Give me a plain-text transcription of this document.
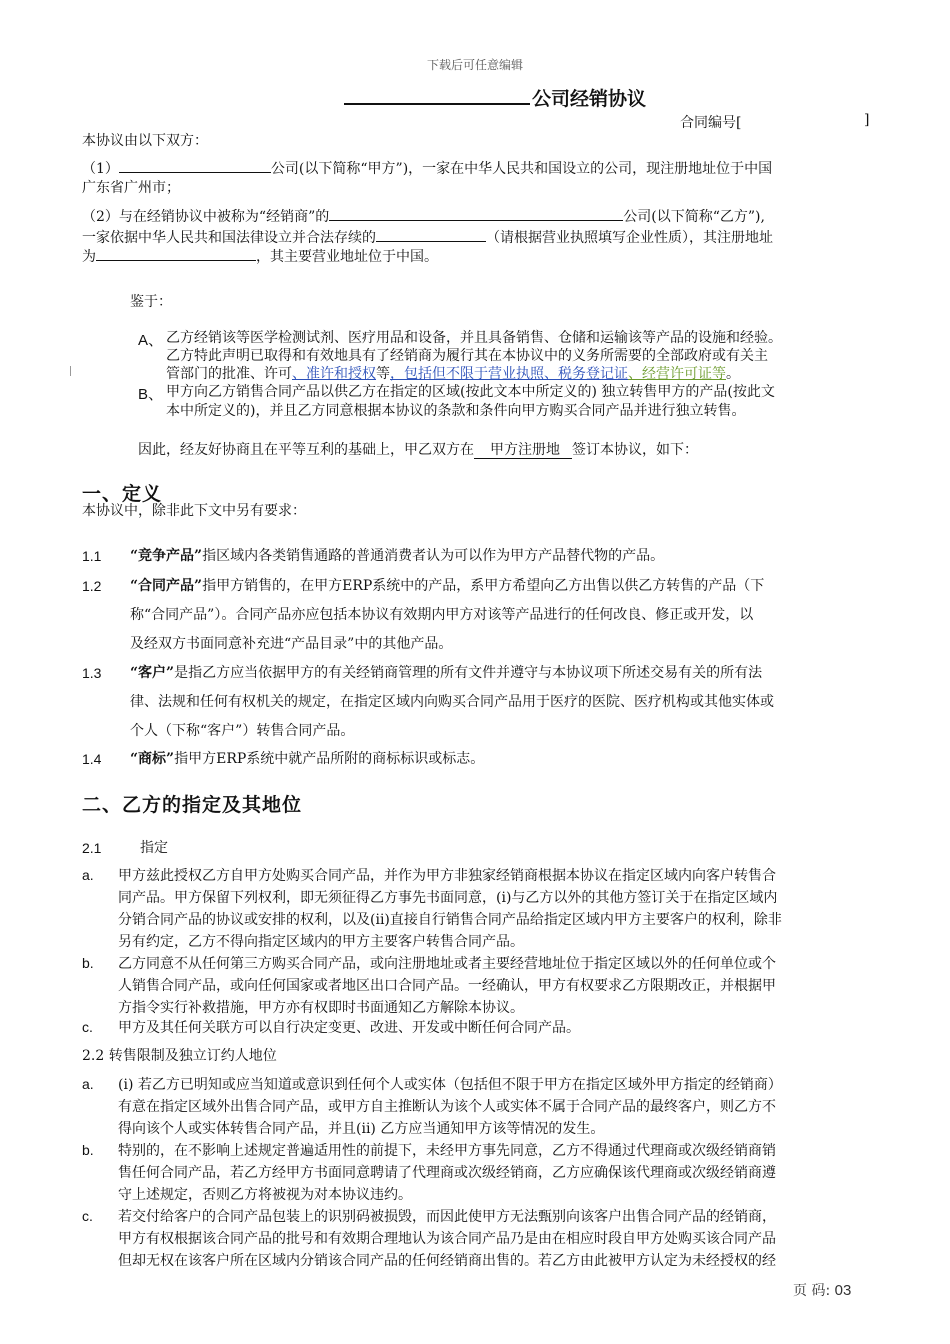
下载后可任意编辑
公司经销协议
合同编号[	]
本协议由以下双方：
（1）	公司(以下简称“甲方”)，一家在中华人民共和国设立的公司，现注册地址位于中国
广东省广州市；
（2）与在经销协议中被称为“经销商”的	公司(以下简称“乙方”),
一家依据中华人民共和国法律设立并合法存续的	（请根据营业执照填写企业性质），其注册地址
为	，其主要营业地址位于中国。
鉴于：
A、 乙方经销该等医学检测试剂、医疗用品和设备，并且具备销售、仓储和运输该等产品的设施和经验。
乙方特此声明已取得和有效地具有了经销商为履行其在本协议中的义务所需要的全部政府或有关主
管部门的批准、许可、准许和授权等，包括但不限于营业执照、税务登记证、经营许可证等。
B、 甲方向乙方销售合同产品以供乙方在指定的区域(按此文本中所定义的) 独立转售甲方的产品(按此文
本中所定义的)，并且乙方同意根据本协议的条款和条件向甲方购买合同产品并进行独立转售。
因此，经友好协商且在平等互利的基础上，甲乙双方在 甲方注册地 签订本协议，如下：
一、定义
本协议中，除非此下文中另有要求：
1.1 “竞争产品”指区域内各类销售通路的普通消费者认为可以作为甲方产品替代物的产品。
1.2 “合同产品”指甲方销售的，在甲方ERP系统中的产品，系甲方希望向乙方出售以供乙方转售的产品（下
称“合同产品”）。合同产品亦应包括本协议有效期内甲方对该等产品进行的任何改良、修正或开发，以
及经双方书面同意补充进“产品目录”中的其他产品。
1.3 “客户”是指乙方应当依据甲方的有关经销商管理的所有文件并遵守与本协议项下所述交易有关的所有法
律、法规和任何有权机关的规定，在指定区域内向购买合同产品用于医疗的医院、医疗机构或其他实体或
个人（下称“客户”）转售合同产品。
1.4 “商标”指甲方ERP系统中就产品所附的商标标识或标志。
二、乙方的指定及其地位
2.1	指定
a. 甲方兹此授权乙方自甲方处购买合同产品，并作为甲方非独家经销商根据本协议在指定区域内向客户转售合
同产品。甲方保留下列权利，即无须征得乙方事先书面同意，(i)与乙方以外的其他方签订关于在指定区域内
分销合同产品的协议或安排的权利，以及(ii)直接自行销售合同产品给指定区域内甲方主要客户的权利，除非
另有约定，乙方不得向指定区域内的甲方主要客户转售合同产品。
b. 乙方同意不从任何第三方购买合同产品，或向注册地址或者主要经营地址位于指定区域以外的任何单位或个
人销售合同产品，或向任何国家或者地区出口合同产品。一经确认，甲方有权要求乙方限期改正，并根据甲
方指令实行补救措施，甲方亦有权即时书面通知乙方解除本协议。
c. 甲方及其任何关联方可以自行决定变更、改进、开发或中断任何合同产品。
2.2 转售限制及独立订约人地位
a. (i) 若乙方已明知或应当知道或意识到任何个人或实体（包括但不限于甲方在指定区域外甲方指定的经销商）
有意在指定区域外出售合同产品，或甲方自主推断认为该个人或实体不属于合同产品的最终客户，则乙方不
得向该个人或实体转售合同产品，并且(ii) 乙方应当通知甲方该等情况的发生。
b. 特别的，在不影响上述规定普遍适用性的前提下，未经甲方事先同意，乙方不得通过代理商或次级经销商销
售任何合同产品，若乙方经甲方书面同意聘请了代理商或次级经销商，乙方应确保该代理商或次级经销商遵
守上述规定，否则乙方将被视为对本协议违约。
c. 若交付给客户的合同产品包装上的识别码被损毁，而因此使甲方无法甄别向该客户出售合同产品的经销商，
甲方有权根据该合同产品的批号和有效期合理地认为该合同产品乃是由在相应时段自甲方处购买该合同产品
但却无权在该客户所在区域内分销该合同产品的任何经销商出售的。若乙方由此被甲方认定为未经授权的经
页 码: 03
